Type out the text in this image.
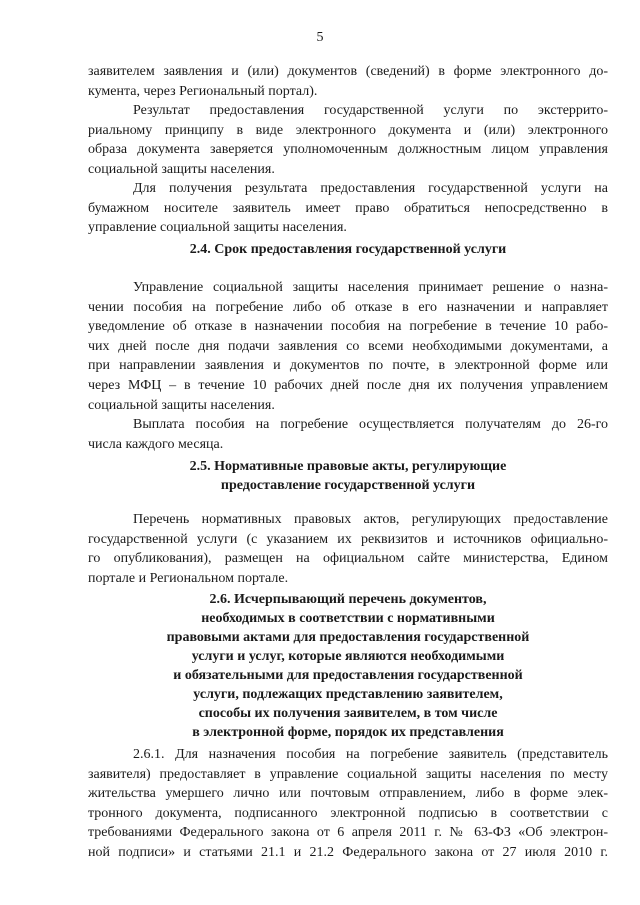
5
заявителем заявления и (или) документов (сведений) в форме электронного до-
кумента, через Региональный портал).
Результат предоставления государственной услуги по экстеррито-
риальному принципу в виде электронного документа и (или) электронного
образа документа заверяется уполномоченным должностным лицом управления
социальной защиты населения.
Для получения результата предоставления государственной услуги на
бумажном носителе заявитель имеет право обратиться непосредственно в
управление социальной защиты населения.
2.4. Срок предоставления государственной услуги
Управление социальной защиты населения принимает решение о назна-
чении пособия на погребение либо об отказе в его назначении и направляет
уведомление об отказе в назначении пособия на погребение в течение 10 рабо-
чих дней после дня подачи заявления со всеми необходимыми документами, а
при направлении заявления и документов по почте, в электронной форме или
через МФЦ – в течение 10 рабочих дней после дня их получения управлением
социальной защиты населения.
Выплата пособия на погребение осуществляется получателям до 26-го
числа каждого месяца.
2.5. Нормативные правовые акты, регулирующие
предоставление государственной услуги
Перечень нормативных правовых актов, регулирующих предоставление
государственной услуги (с указанием их реквизитов и источников официально-
го опубликования), размещен на официальном сайте министерства, Едином
портале и Региональном портале.
2.6. Исчерпывающий перечень документов,
необходимых в соответствии с нормативными
правовыми актами для предоставления государственной
услуги и услуг, которые являются необходимыми
и обязательными для предоставления государственной
услуги, подлежащих представлению заявителем,
способы их получения заявителем, в том числе
в электронной форме, порядок их представления
2.6.1. Для назначения пособия на погребение заявитель (представитель
заявителя) предоставляет в управление социальной защиты населения по месту
жительства умершего лично или почтовым отправлением, либо в форме элек-
тронного документа, подписанного электронной подписью в соответствии с
требованиями Федерального закона от 6 апреля 2011 г. № 63-ФЗ «Об электрон-
ной подписи» и статьями 21.1 и 21.2 Федерального закона от 27 июля 2010 г.
